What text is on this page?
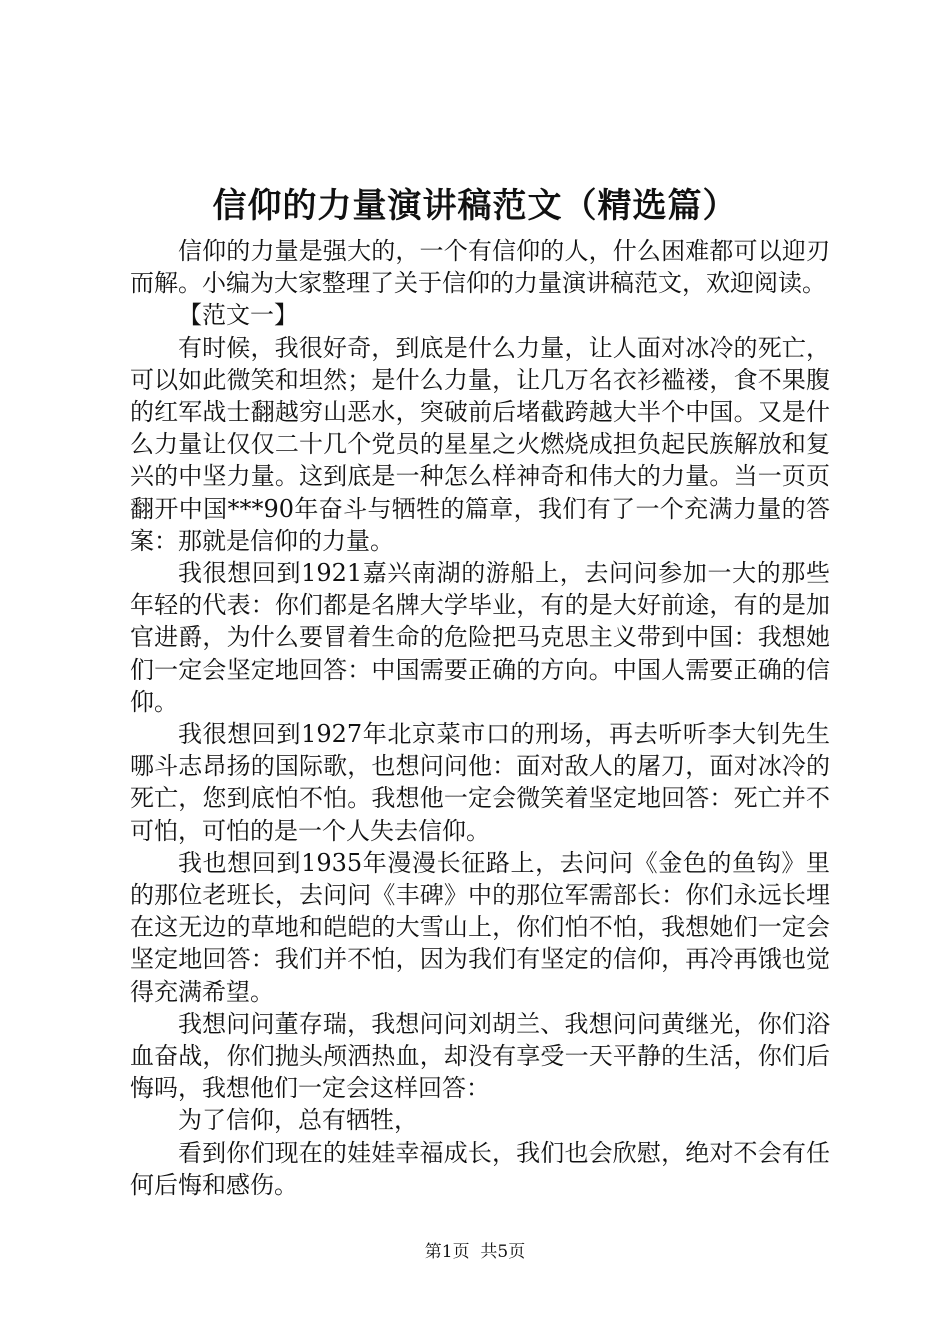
信仰的力量演讲稿范文（精选篇）

信仰的力量是强大的，一个有信仰的人，什么困难都可以迎刃而解。小编为大家整理了关于信仰的力量演讲稿范文，欢迎阅读。

【范文一】

有时候，我很好奇，到底是什么力量，让人面对冰冷的死亡，可以如此微笑和坦然；是什么力量，让几万名衣衫褴褛，食不果腹的红军战士翻越穷山恶水，突破前后堵截跨越大半个中国。又是什么力量让仅仅二十几个党员的星星之火燃烧成担负起民族解放和复兴的中坚力量。这到底是一种怎么样神奇和伟大的力量。当一页页翻开中国***90年奋斗与牺牲的篇章，我们有了一个充满力量的答案：那就是信仰的力量。

我很想回到1921嘉兴南湖的游船上，去问问参加一大的那些年轻的代表：你们都是名牌大学毕业，有的是大好前途，有的是加官进爵，为什么要冒着生命的危险把马克思主义带到中国：我想她们一定会坚定地回答：中国需要正确的方向。中国人需要正确的信仰。

我很想回到1927年北京菜市口的刑场，再去听听李大钊先生哪斗志昂扬的国际歌，也想问问他：面对敌人的屠刀，面对冰冷的死亡，您到底怕不怕。我想他一定会微笑着坚定地回答：死亡并不可怕，可怕的是一个人失去信仰。

我也想回到1935年漫漫长征路上，去问问《金色的鱼钩》里的那位老班长，去问问《丰碑》中的那位军需部长：你们永远长埋在这无边的草地和皑皑的大雪山上，你们怕不怕，我想她们一定会坚定地回答：我们并不怕，因为我们有坚定的信仰，再冷再饿也觉得充满希望。

我想问问董存瑞，我想问问刘胡兰、我想问问黄继光，你们浴血奋战，你们抛头颅洒热血，却没有享受一天平静的生活，你们后悔吗，我想他们一定会这样回答：

为了信仰，总有牺牲，

看到你们现在的娃娃幸福成长，我们也会欣慰，绝对不会有任何后悔和感伤。

第1页 共5页
